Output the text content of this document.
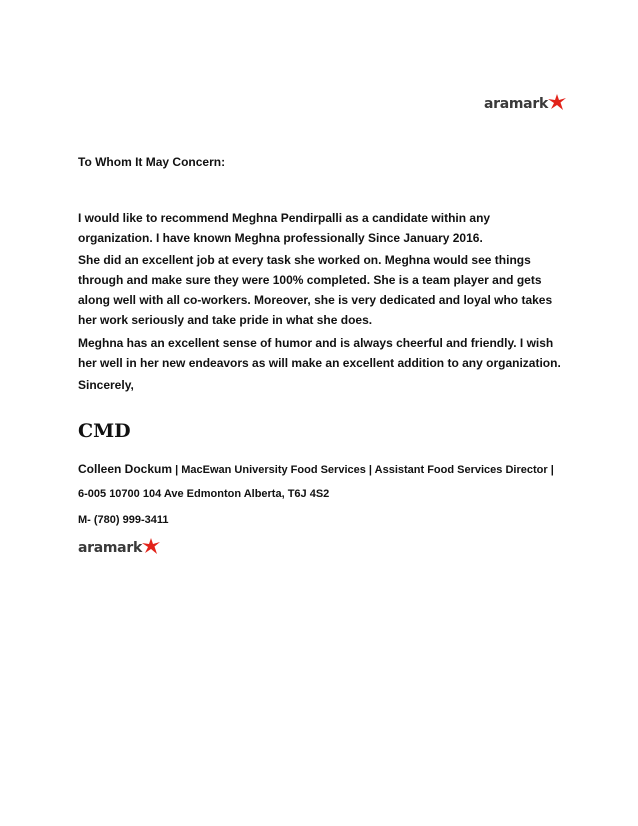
aramark
To Whom It May Concern:

I would like to recommend Meghna Pendirpalli as a candidate within any organization. I have known Meghna professionally Since January 2016.

She did an excellent job at every task she worked on. Meghna would see things through and make sure they were 100% completed. She is a team player and gets along well with all co-workers. Moreover, she is very dedicated and loyal who takes her work seriously and take pride in what she does.

Meghna has an excellent sense of humor and is always cheerful and friendly. I wish her well in her new endeavors as will make an excellent addition to any organization.

Sincerely,
CMD
Colleen Dockum | MacEwan University Food Services | Assistant Food Services Director |
6-005 10700 104 Ave Edmonton Alberta, T6J 4S2
M- (780) 999-3411
aramark
